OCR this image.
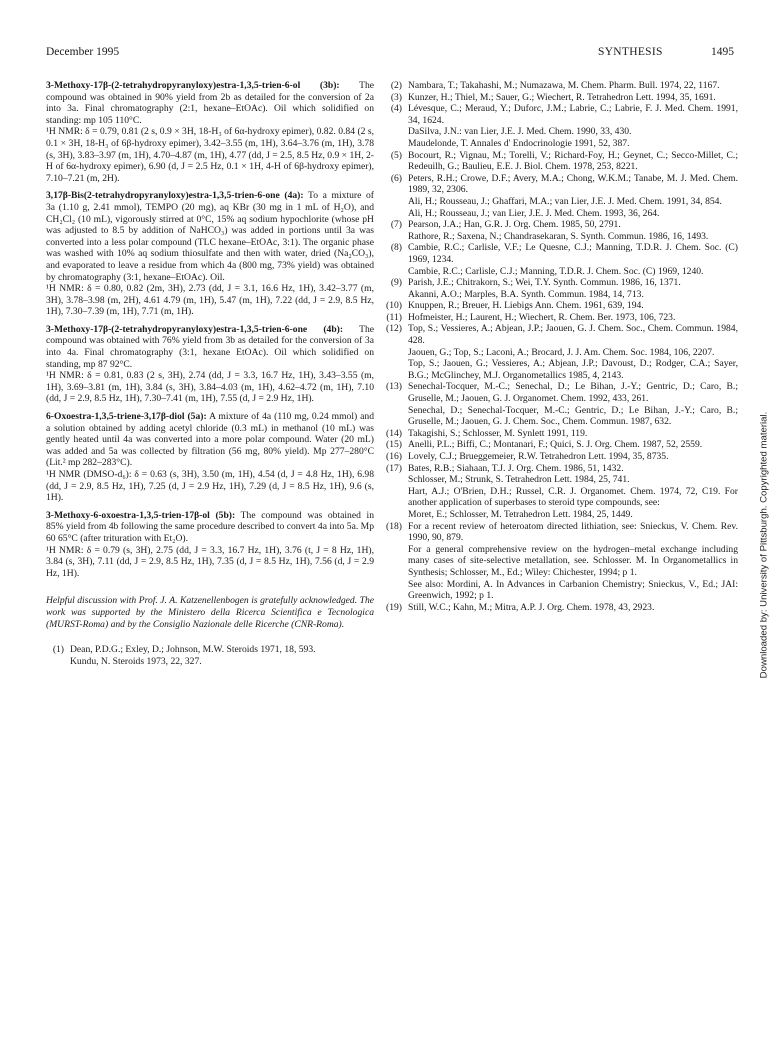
December 1995	SYNTHESIS	1495
3-Methoxy-17β-(2-tetrahydropyranyloxy)estra-1,3,5-trien-6-ol (3b): The compound was obtained in 90% yield from 2b as detailed for the conversion of 2a into 3a. Final chromatography (2:1, hexane–EtOAc). Oil which solidified on standing: mp 105 110°C.
¹H NMR: δ = 0.79, 0.81 (2 s, 0.9 × 3H, 18-H₃ of 6α-hydroxy epimer), 0.82. 0.84 (2 s, 0.1 × 3H, 18-H₃ of 6β-hydroxy epimer), 3.42–3.55 (m, 1H), 3.64–3.76 (m, 1H), 3.78 (s, 3H), 3.83–3.97 (m, 1H), 4.70–4.87 (m, 1H), 4.77 (dd, J = 2.5, 8.5 Hz, 0.9 × 1H, 2-H of 6α-hydroxy epimer), 6.90 (d, J = 2.5 Hz, 0.1 × 1H, 4-H of 6β-hydroxy epimer), 7.10–7.21 (m, 2H).
3,17β-Bis(2-tetrahydropyranyloxy)estra-1,3,5-trien-6-one (4a): To a mixture of 3a (1.10 g, 2.41 mmol), TEMPO (20 mg), aq KBr (30 mg in 1 mL of H₂O), and CH₂Cl₂ (10 mL), vigorously stirred at 0°C, 15% aq sodium hypochlorite (whose pH was adjusted to 8.5 by addition of NaHCO₃) was added in portions until 3a was converted into a less polar compound (TLC hexane–EtOAc, 3:1). The organic phase was washed with 10% aq sodium thiosulfate and then with water, dried (Na₂CO₃), and evaporated to leave a residue from which 4a (800 mg, 73% yield) was obtained by chromatography (3:1, hexane–EtOAc). Oil.
¹H NMR: δ = 0.80, 0.82 (2m, 3H), 2.73 (dd, J = 3.1, 16.6 Hz, 1H), 3.42–3.77 (m, 3H), 3.78–3.98 (m, 2H), 4.61 4.79 (m, 1H), 5.47 (m, 1H), 7.22 (dd, J = 2.9, 8.5 Hz, 1H), 7.30–7.39 (m, 1H), 7.71 (m, 1H).
3-Methoxy-17β-(2-tetrahydropyranyloxy)estra-1,3,5-trien-6-one (4b): The compound was obtained with 76% yield from 3b as detailed for the conversion of 3a into 4a. Final chromatography (3:1, hexane EtOAc). Oil which solidified on standing, mp 87 92°C.
¹H NMR: δ = 0.81, 0.83 (2 s, 3H), 2.74 (dd, J = 3.3, 16.7 Hz, 1H), 3.43–3.55 (m, 1H), 3.69–3.81 (m, 1H), 3.84 (s, 3H), 3.84–4.03 (m, 1H), 4.62–4.72 (m, 1H), 7.10 (dd, J = 2.9, 8.5 Hz, 1H), 7.30–7.41 (m, 1H), 7.55 (d, J = 2.9 Hz, 1H).
6-Oxoestra-1,3,5-triene-3,17β-diol (5a): A mixture of 4a (110 mg, 0.24 mmol) and a solution obtained by adding acetyl chloride (0.3 mL) in methanol (10 mL) was gently heated until 4a was converted into a more polar compound. Water (20 mL) was added and 5a was collected by filtration (56 mg, 80% yield). Mp 277–280°C (Lit.² mp 282–283°C).
¹H NMR (DMSO-d₆): δ = 0.63 (s, 3H), 3.50 (m, 1H), 4.54 (d, J = 4.8 Hz, 1H), 6.98 (dd, J = 2.9, 8.5 Hz, 1H), 7.25 (d, J = 2.9 Hz, 1H), 7.29 (d, J = 8.5 Hz, 1H), 9.6 (s, 1H).
3-Methoxy-6-oxoestra-1,3,5-trien-17β-ol (5b): The compound was obtained in 85% yield from 4b following the same procedure described to convert 4a into 5a. Mp 60 65°C (after trituration with Et₂O).
¹H NMR: δ = 0.79 (s, 3H), 2.75 (dd, J = 3.3, 16.7 Hz, 1H), 3.76 (t, J = 8 Hz, 1H), 3.84 (s, 3H), 7.11 (dd, J = 2.9, 8.5 Hz, 1H), 7.35 (d, J = 8.5 Hz, 1H), 7.56 (d, J = 2.9 Hz, 1H).
Helpful discussion with Prof. J. A. Katzenellenbogen is gratefully acknowledged. The work was supported by the Ministero della Ricerca Scientifica e Tecnologica (MURST-Roma) and by the Consiglio Nazionale delle Ricerche (CNR-Roma).
(1) Dean, P.D.G.; Exley, D.; Johnson, M.W. Steroids 1971, 18, 593.
Kundu, N. Steroids 1973, 22, 327.
(2) Nambara, T.; Takahashi, M.; Numazawa, M. Chem. Pharm. Bull. 1974, 22, 1167.
(3) Kunzer, H.; Thiel, M.; Sauer, G.; Wiechert, R. Tetrahedron Lett. 1994, 35, 1691.
(4) Lévesque, C.; Meraud, Y.; Duforc, J.M.; Labrie, C.; Labrie, F. J. Med. Chem. 1991, 34, 1624.
DaSilva, J.N.: van Lier, J.E. J. Med. Chem. 1990, 33, 430.
Maudelonde, T. Annales d' Endocrinologie 1991, 52, 387.
(5) Bocourt, R.; Vignau, M.; Torelli, V.; Richard-Foy, H.; Geynet, C.; Secco-Millet, C.; Redeuilh, G.; Baulieu, E.E. J. Biol. Chem. 1978, 253, 8221.
(6) Peters, R.H.; Crowe, D.F.; Avery, M.A.; Chong, W.K.M.; Tanabe, M. J. Med. Chem. 1989, 32, 2306.
Ali, H.; Rousseau, J.; Ghaffari, M.A.; van Lier, J.E. J. Med. Chem. 1991, 34, 854.
Ali, H.; Rousseau, J.; van Lier, J.E. J. Med. Chem. 1993, 36, 264.
(7) Pearson, J.A.; Han, G.R. J. Org. Chem. 1985, 50, 2791.
Rathore, R.; Saxena, N.; Chandrasekaran, S. Synth. Commun. 1986, 16, 1493.
(8) Cambie, R.C.; Carlisle, V.F.; Le Quesne, C.J.; Manning, T.D.R. J. Chem. Soc. (C) 1969, 1234.
Cambie, R.C.; Carlisle, C.J.; Manning, T.D.R. J. Chem. Soc. (C) 1969, 1240.
(9) Parish, J.E.; Chitrakorn, S.; Wei, T.Y. Synth. Commun. 1986, 16, 1371.
Akanni, A.O.; Marples, B.A. Synth. Commun. 1984, 14, 713.
(10) Knuppen, R.; Breuer, H. Liebigs Ann. Chem. 1961, 639, 194.
(11) Hofmeister, H.; Laurent, H.; Wiechert, R. Chem. Ber. 1973, 106, 723.
(12) Top, S.; Vessieres, A.; Abjean, J.P.; Jaouen, G. J. Chem. Soc., Chem. Commun. 1984, 428.
Jaouen, G.; Top, S.; Laconi, A.; Brocard, J. J. Am. Chem. Soc. 1984, 106, 2207.
Top, S.; Jaouen, G.; Vessieres, A.; Abjean, J.P.; Davoust, D.; Rodger, C.A.; Sayer, B.G.; McGlinchey, M.J. Organometallics 1985, 4, 2143.
(13) Senechal-Tocquer, M.-C.; Senechal, D.; Le Bihan, J.-Y.; Gentric, D.; Caro, B.; Gruselle, M.; Jaouen, G. J. Organomet. Chem. 1992, 433, 261.
Senechal, D.; Senechal-Tocquer, M.-C.; Gentric, D.; Le Bihan, J.-Y.; Caro, B.; Gruselle, M.; Jaouen, G. J. Chem. Soc., Chem. Commun. 1987, 632.
(14) Takagishi, S.; Schlosser, M. Synlett 1991, 119.
(15) Anelli, P.L.; Biffi, C.; Montanari, F.; Quici, S. J. Org. Chem. 1987, 52, 2559.
(16) Lovely, C.J.; Brueggemeier, R.W. Tetrahedron Lett. 1994, 35, 8735.
(17) Bates, R.B.; Siahaan, T.J. J. Org. Chem. 1986, 51, 1432.
Schlosser, M.; Strunk, S. Tetrahedron Lett. 1984, 25, 741.
Hart, A.J.; O'Brien, D.H.; Russel, C.R. J. Organomet. Chem. 1974, 72, C19. For another application of superbases to steroid type compounds, see:
Moret, E.; Schlosser, M. Tetrahedron Lett. 1984, 25, 1449.
(18) For a recent review of heteroatom directed lithiation, see: Snieckus, V. Chem. Rev. 1990, 90, 879.
For a general comprehensive review on the hydrogen–metal exchange including many cases of site-selective metallation, see. Schlosser. M. In Organometallics in Synthesis; Schlosser, M., Ed.; Wiley: Chichester, 1994; p 1.
See also: Mordini, A. In Advances in Carbanion Chemistry; Snieckus, V., Ed.; JAI: Greenwich, 1992; p 1.
(19) Still, W.C.; Kahn, M.; Mitra, A.P. J. Org. Chem. 1978, 43, 2923.	Downloaded by: University of Pittsburgh. Copyrighted material.
